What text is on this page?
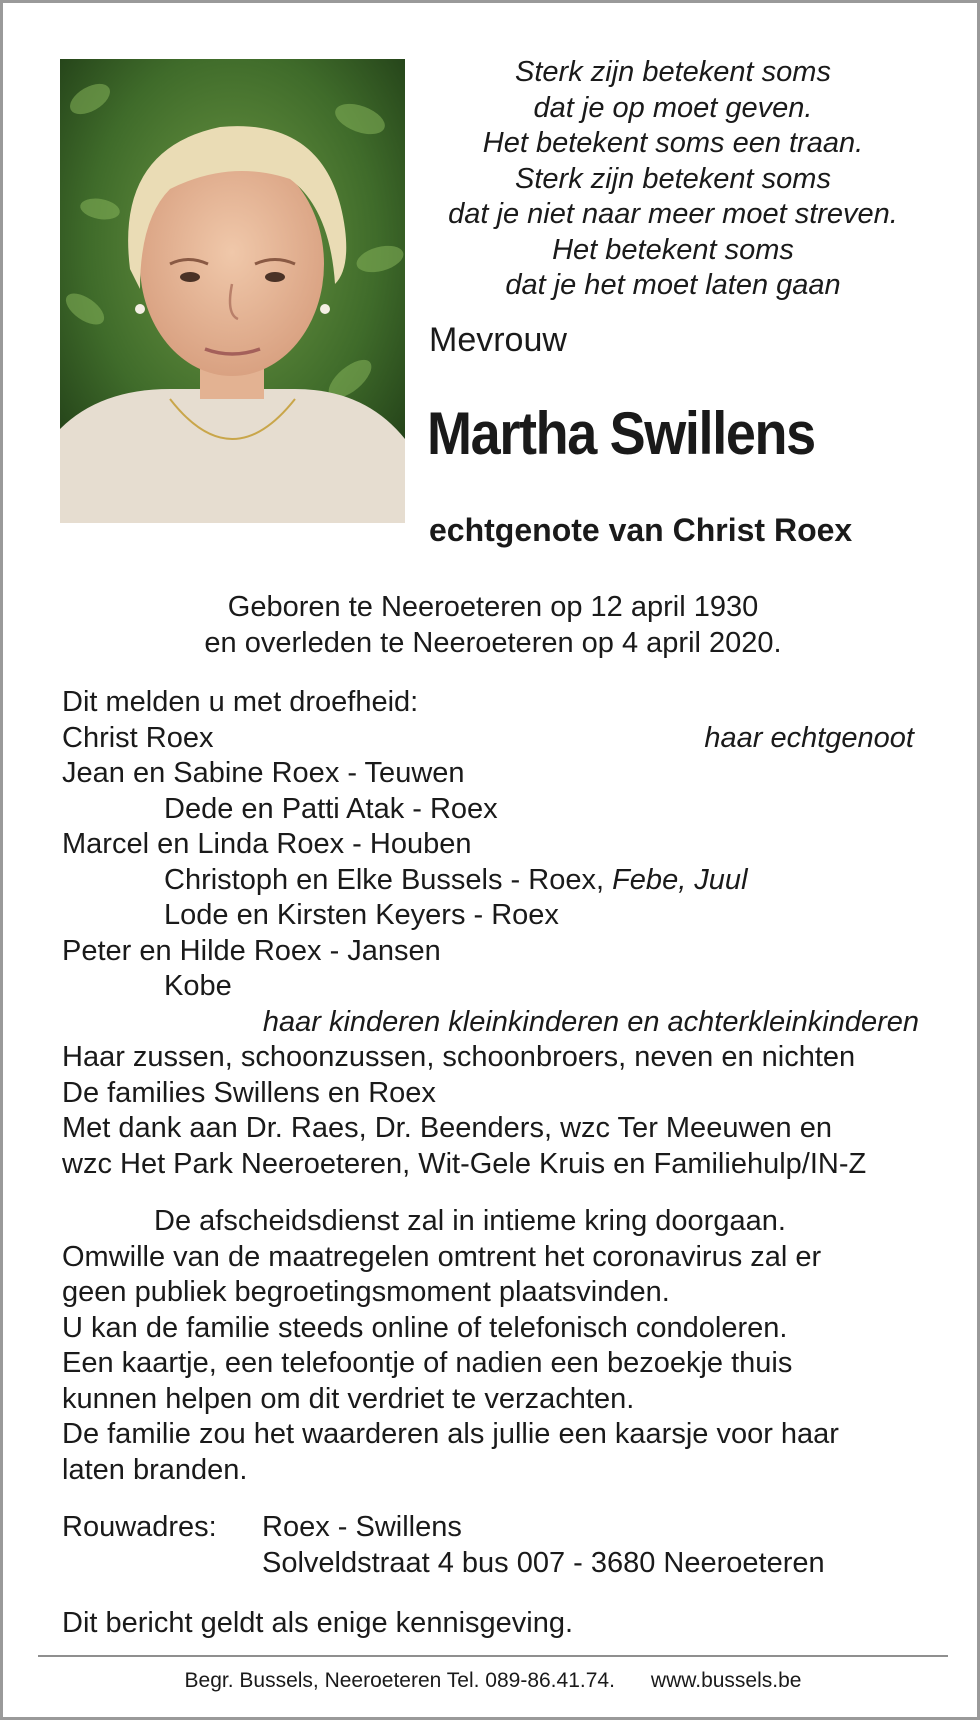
Sterk zijn betekent soms
dat je op moet geven.
Het betekent soms een traan.
Sterk zijn betekent soms
dat je niet naar meer moet streven.
Het betekent soms
dat je het moet laten gaan
Mevrouw
Martha Swillens
echtgenote van Christ Roex
Geboren te Neeroeteren op 12 april 1930
en overleden te Neeroeteren op 4 april 2020.
Dit melden u met droefheid:
Christ Roex	haar echtgenoot
Jean en Sabine Roex - Teuwen
Dede en Patti Atak - Roex
Marcel en Linda Roex - Houben
Christoph en Elke Bussels - Roex, Febe, Juul
Lode en Kirsten Keyers - Roex
Peter en Hilde Roex - Jansen
Kobe
haar kinderen kleinkinderen en achterkleinkinderen
Haar zussen, schoonzussen, schoonbroers, neven en nichten
De families Swillens en Roex
Met dank aan Dr. Raes, Dr. Beenders, wzc Ter Meeuwen en
wzc Het Park Neeroeteren, Wit-Gele Kruis en Familiehulp/IN-Z
De afscheidsdienst zal in intieme kring doorgaan.
Omwille van de maatregelen omtrent het coronavirus zal er
geen publiek begroetingsmoment plaatsvinden.
U kan de familie steeds online of telefonisch condoleren.
Een kaartje, een telefoontje of nadien een bezoekje thuis
kunnen helpen om dit verdriet te verzachten.
De familie zou het waarderen als jullie een kaarsje voor haar
laten branden.
Rouwadres: Roex - Swillens
Solveldstraat 4 bus 007 - 3680 Neeroeteren
Dit bericht geldt als enige kennisgeving.
Begr. Bussels, Neeroeteren Tel. 089-86.41.74. www.bussels.be
